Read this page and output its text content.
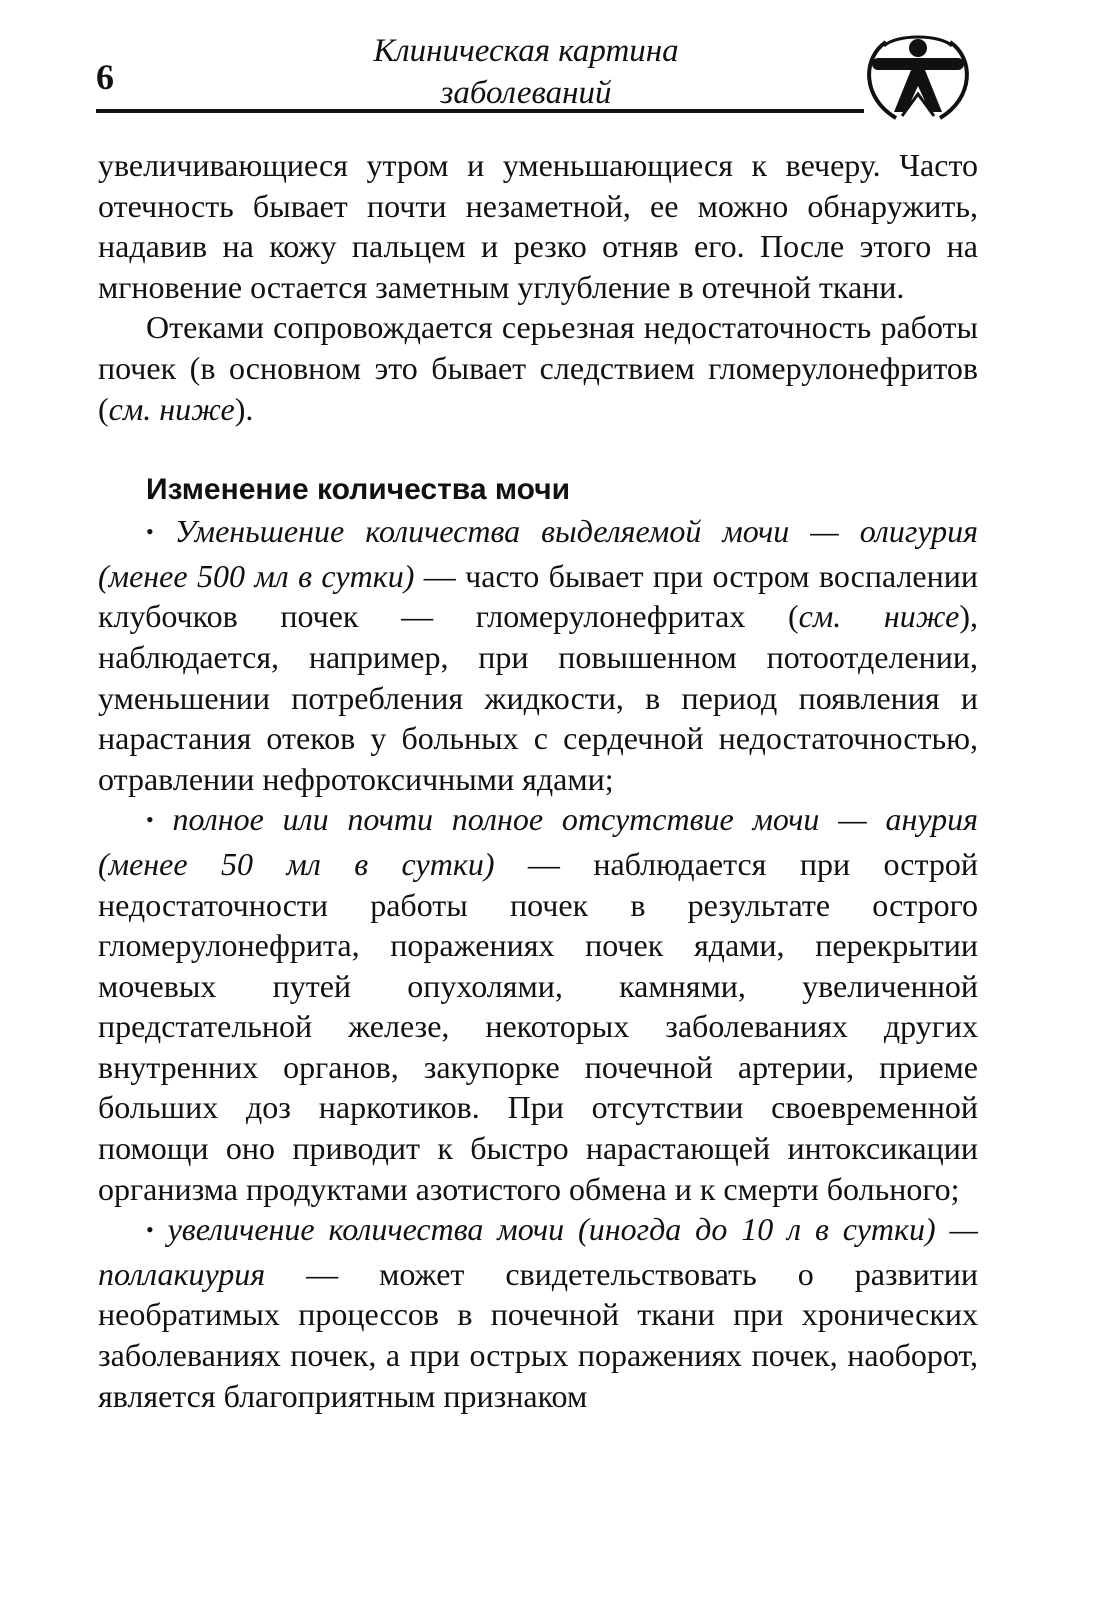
6
Клиническая картина
заболеваний

увеличивающиеся утром и уменьшающиеся к вечеру. Часто отечность бывает почти незаметной, ее можно обнаружить, надавив на кожу пальцем и резко отняв его. После этого на мгновение остается заметным углубление в отечной ткани.

Отеками сопровождается серьезная недостаточность работы почек (в основном это бывает следствием гломерулонефритов (см. ниже).

Изменение количества мочи

• Уменьшение количества выделяемой мочи — олигурия (менее 500 мл в сутки) — часто бывает при остром воспалении клубочков почек — гломерулонефритах (см. ниже), наблюдается, например, при повышенном потоотделении, уменьшении потребления жидкости, в период появления и нарастания отеков у больных с сердечной недостаточностью, отравлении нефротоксичными ядами;

• полное или почти полное отсутствие мочи — анурия (менее 50 мл в сутки) — наблюдается при острой недостаточности работы почек в результате острого гломерулонефрита, поражениях почек ядами, перекрытии мочевых путей опухолями, камнями, увеличенной предстательной железе, некоторых заболеваниях других внутренних органов, закупорке почечной артерии, приеме больших доз наркотиков. При отсутствии своевременной помощи оно приводит к быстро нарастающей интоксикации организма продуктами азотистого обмена и к смерти больного;

• увеличение количества мочи (иногда до 10 л в сутки) — поллакиурия — может свидетельствовать о развитии необратимых процессов в почечной ткани при хронических заболеваниях почек, а при острых поражениях почек, наоборот, является благоприятным признаком
